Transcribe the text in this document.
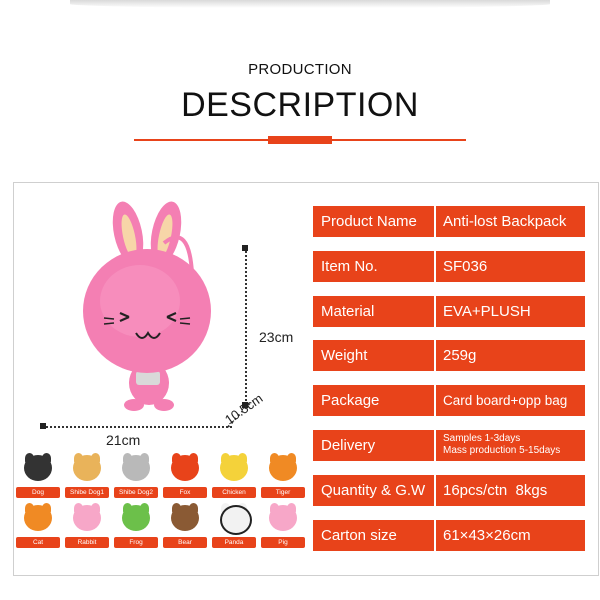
PRODUCTION
DESCRIPTION
23cm
21cm
10.5cm
Dog	Shibe Dog1	Shibe Dog2	Fox	Chicken	Tiger
Cat	Rabbit	Frog	Bear	Panda	Pig
Product Name	Anti-lost Backpack
Item No.	SF036
Material	EVA+PLUSH
Weight	259g
Package	Card board+opp bag
Delivery	Samples 1-3days
Mass production 5-15days
Quantity & G.W	16pcs/ctn  8kgs
Carton size	61×43×26cm
